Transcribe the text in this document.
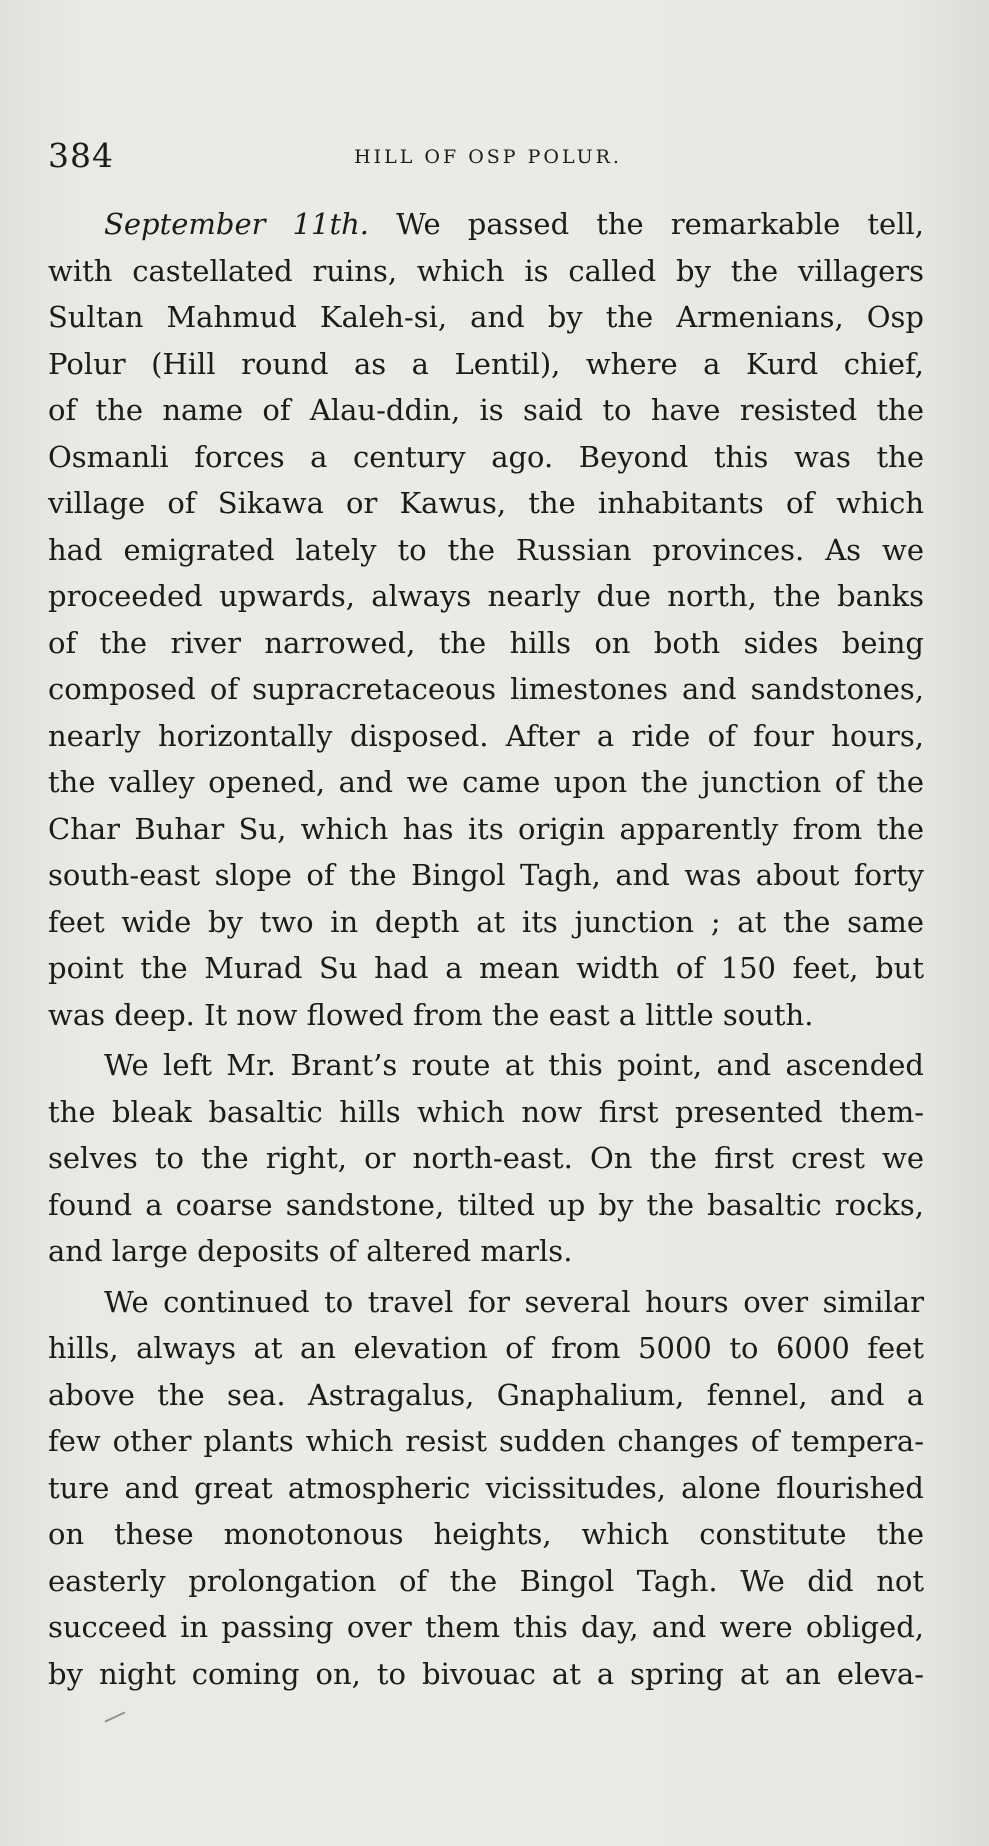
384	HILL OF OSP POLUR.
September 11th. We passed the remarkable tell,
with castellated ruins, which is called by the villagers
Sultan Mahmud Kaleh-si, and by the Armenians, Osp
Polur (Hill round as a Lentil), where a Kurd chief,
of the name of Alau-ddin, is said to have resisted the
Osmanli forces a century ago. Beyond this was the
village of Sikawa or Kawus, the inhabitants of which
had emigrated lately to the Russian provinces. As we
proceeded upwards, always nearly due north, the banks
of the river narrowed, the hills on both sides being
composed of supracretaceous limestones and sandstones,
nearly horizontally disposed. After a ride of four hours,
the valley opened, and we came upon the junction of the
Char Buhar Su, which has its origin apparently from the
south-east slope of the Bingol Tagh, and was about forty
feet wide by two in depth at its junction ; at the same
point the Murad Su had a mean width of 150 feet, but
was deep. It now flowed from the east a little south.
We left Mr. Brant’s route at this point, and ascended
the bleak basaltic hills which now first presented them-
selves to the right, or north-east. On the first crest we
found a coarse sandstone, tilted up by the basaltic rocks,
and large deposits of altered marls.
We continued to travel for several hours over similar
hills, always at an elevation of from 5000 to 6000 feet
above the sea. Astragalus, Gnaphalium, fennel, and a
few other plants which resist sudden changes of tempera-
ture and great atmospheric vicissitudes, alone flourished
on these monotonous heights, which constitute the
easterly prolongation of the Bingol Tagh. We did not
succeed in passing over them this day, and were obliged,
by night coming on, to bivouac at a spring at an eleva-
